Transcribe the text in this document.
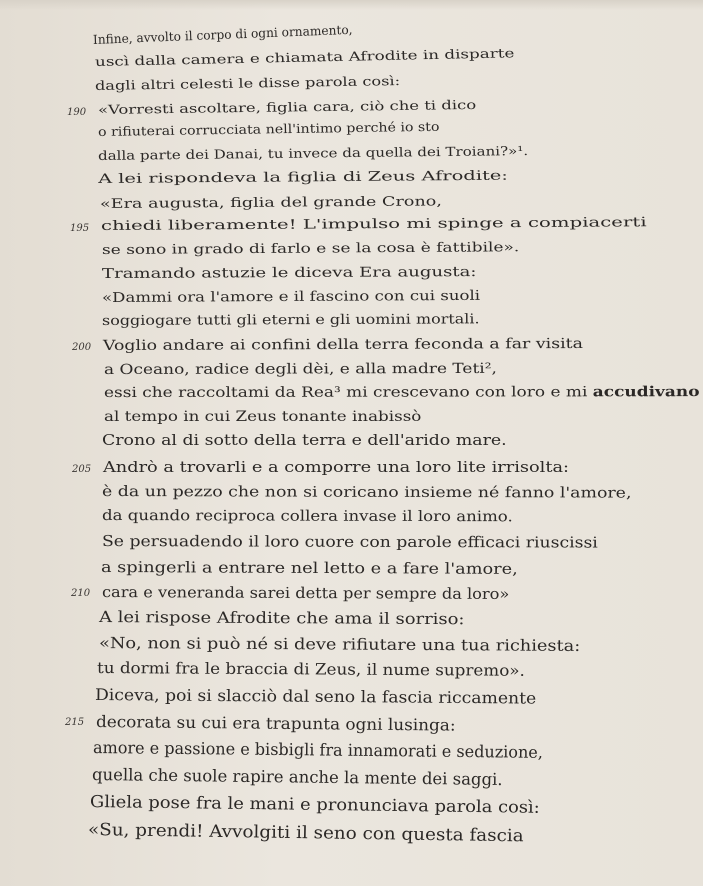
Infine, avvolto il corpo di ogni ornamento,
uscì dalla camera e chiamata Afrodite in disparte
dagli altri celesti le disse parola così:
190 «Vorresti ascoltare, figlia cara, ciò che ti dico
o rifiuterai corrucciata nell'intimo perché io sto
dalla parte dei Danai, tu invece da quella dei Troiani?»¹.
A lei rispondeva la figlia di Zeus Afrodite:
«Era augusta, figlia del grande Crono,
195 chiedi liberamente! L'impulso mi spinge a compiacerti
se sono in grado di farlo e se la cosa è fattibile».
Tramando astuzie le diceva Era augusta:
«Dammi ora l'amore e il fascino con cui suoli
soggiogare tutti gli eterni e gli uomini mortali.
200 Voglio andare ai confini della terra feconda a far visita
a Oceano, radice degli dèi, e alla madre Teti²,
essi che raccoltami da Rea³ mi crescevano con loro e mi accudivano
al tempo in cui Zeus tonante inabissò
Crono al di sotto della terra e dell'arido mare.
205 Andrò a trovarli e a comporre una loro lite irrisolta:
è da un pezzo che non si coricano insieme né fanno l'amore,
da quando reciproca collera invase il loro animo.
Se persuadendo il loro cuore con parole efficaci riuscissi
a spingerli a entrare nel letto e a fare l'amore,
210 cara e veneranda sarei detta per sempre da loro»
A lei rispose Afrodite che ama il sorriso:
«No, non si può né si deve rifiutare una tua richiesta:
tu dormi fra le braccia di Zeus, il nume supremo».
Diceva, poi si slacciò dal seno la fascia riccamente
215 decorata su cui era trapunta ogni lusinga:
amore e passione e bisbigli fra innamorati e seduzione,
quella che suole rapire anche la mente dei saggi.
Gliela pose fra le mani e pronunciava parola così:
«Su, prendi! Avvolgiti il seno con questa fascia
